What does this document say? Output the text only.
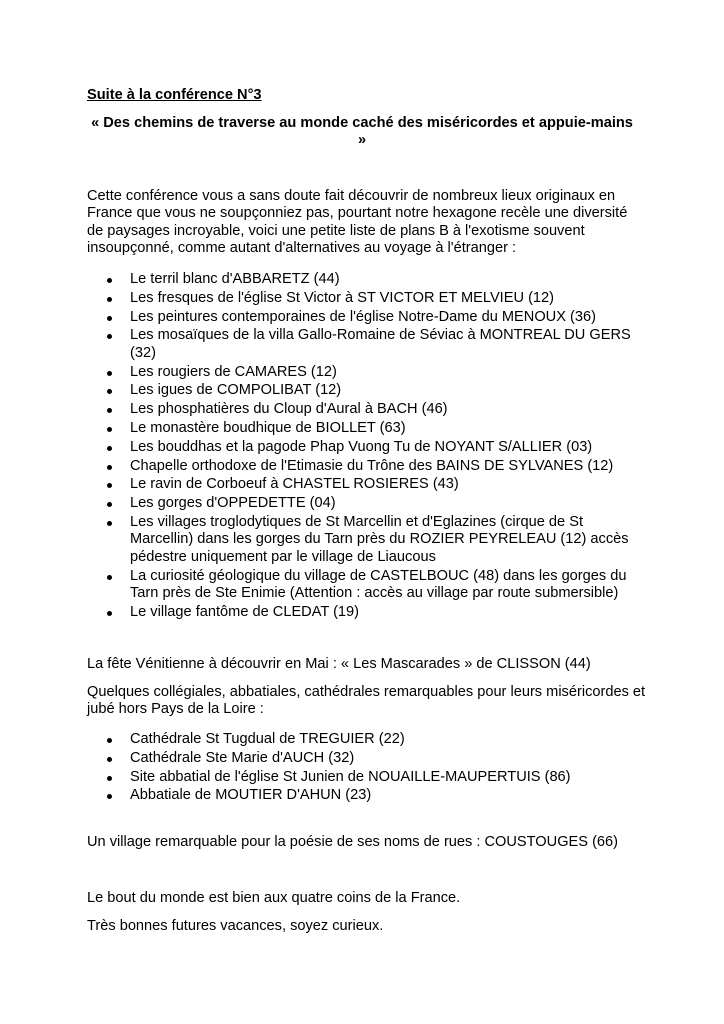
Suite à la conférence N°3
« Des chemins de traverse au monde caché des miséricordes et appuie-mains »

Cette conférence vous a sans doute fait découvrir de nombreux lieux originaux en France que vous ne soupçonniez pas, pourtant notre hexagone recèle une diversité de paysages incroyable, voici une petite liste de plans B à l'exotisme souvent insoupçonné, comme autant d'alternatives au voyage à l'étranger :

Le terril blanc d'ABBARETZ (44)
Les fresques de l'église St Victor à ST VICTOR ET MELVIEU (12)
Les peintures contemporaines de l'église Notre-Dame du MENOUX (36)
Les mosaïques de la villa Gallo-Romaine de Séviac à MONTREAL DU GERS (32)
Les rougiers de CAMARES (12)
Les igues de COMPOLIBAT (12)
Les phosphatières du Cloup d'Aural à BACH (46)
Le monastère boudhique de BIOLLET (63)
Les bouddhas et la pagode Phap Vuong Tu de NOYANT S/ALLIER (03)
Chapelle orthodoxe de l'Etimasie du Trône des BAINS DE SYLVANES (12)
Le ravin de Corboeuf à CHASTEL ROSIERES (43)
Les gorges d'OPPEDETTE (04)
Les villages troglodytiques de St Marcellin et d'Eglazines (cirque de St Marcellin) dans les gorges du Tarn près du ROZIER PEYRELEAU (12) accès pédestre uniquement par le village de Liaucous
La curiosité géologique du village de CASTELBOUC (48) dans les gorges du Tarn près de Ste Enimie (Attention : accès au village par route submersible)
Le village fantôme de CLEDAT (19)

La fête Vénitienne à découvrir en Mai : « Les Mascarades » de CLISSON (44)

Quelques collégiales, abbatiales, cathédrales remarquables pour leurs miséricordes et jubé hors Pays de la Loire :

Cathédrale St Tugdual de TREGUIER (22)
Cathédrale Ste Marie d'AUCH (32)
Site abbatial de l'église St Junien de NOUAILLE-MAUPERTUIS (86)
Abbatiale de MOUTIER D'AHUN (23)

Un village remarquable pour la poésie de ses noms de rues : COUSTOUGES (66)

Le bout du monde est bien aux quatre coins de la France.

Très bonnes futures vacances, soyez curieux.
